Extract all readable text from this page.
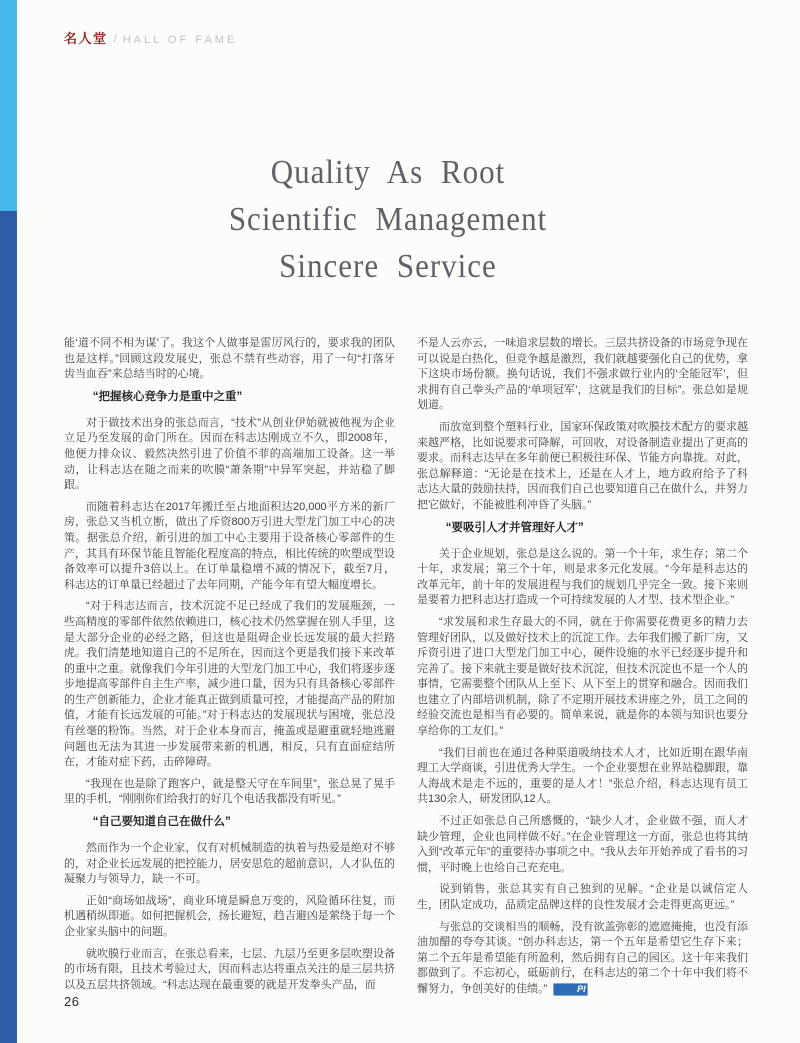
名人堂 / HALL OF FAME
Quality As Root
Scientific Management
Sincere Service

能‘道不同不相为谋’了。我这个人做事是雷厉风行的，要求我的团队也是这样。”回顾这段发展史，张总不禁有些动容，用了一句“打落牙齿当血吞”来总结当时的心境。

“把握核心竞争力是重中之重”

对于做技术出身的张总而言，“技术”从创业伊始就被他视为企业立足乃至发展的命门所在。因而在科志达刚成立不久，即2008年，他便力排众议、毅然决然引进了价值不菲的高端加工设备。这一举动，让科志达在随之而来的吹膜“萧条期”中异军突起，并站稳了脚跟。

而随着科志达在2017年搬迁至占地面积达20,000平方米的新厂房，张总又当机立断，做出了斥资800万引进大型龙门加工中心的决策。据张总介绍，新引进的加工中心主要用于设备核心零部件的生产，其具有环保节能且智能化程度高的特点，相比传统的吹塑成型设备效率可以提升3倍以上。在订单量稳增不减的情况下，截至7月，科志达的订单量已经超过了去年同期，产能今年有望大幅度增长。

“对于科志达而言，技术沉淀不足已经成了我们的发展瓶颈，一些高精度的零部件依然依赖进口，核心技术仍然掌握在别人手里，这是大部分企业的必经之路，但这也是阻碍企业长远发展的最大拦路虎。我们清楚地知道自己的不足所在，因而这个更是我们接下来改革的重中之重。就像我们今年引进的大型龙门加工中心，我们将逐步逐步地提高零部件自主生产率，减少进口量，因为只有具备核心零部件的生产创新能力，企业才能真正做到质量可控，才能提高产品的附加值，才能有长远发展的可能。”对于科志达的发展现状与困境，张总没有丝毫的粉饰。当然，对于企业本身而言，掩盖或是避重就轻地逃避问题也无法为其进一步发展带来新的机遇，相反，只有直面症结所在，才能对症下药，击碎障碍。

“我现在也是除了跑客户，就是整天守在车间里”，张总晃了晃手里的手机，“刚刚你们给我打的好几个电话我都没有听见。”

“自己要知道自己在做什么”

然而作为一个企业家，仅有对机械制造的执着与热爱是绝对不够的，对企业长远发展的把控能力，居安思危的超前意识，人才队伍的凝聚力与领导力，缺一不可。

正如“商场如战场”，商业环境是瞬息万变的，风险循环往复，而机遇稍纵即逝。如何把握机会，扬长避短，趋吉避凶是萦绕于每一个企业家头脑中的问题。

就吹膜行业而言，在张总看来，七层、九层乃至更多层吹塑设备的市场有限，且技术考验过大，因而科志达将重点关注的是三层共挤以及五层共挤领域。“科志达现在最重要的就是开发拳头产品，而

不是人云亦云，一味追求层数的增长。三层共挤设备的市场竞争现在可以说是白热化，但竞争越是激烈，我们就越要强化自己的优势，拿下这块市场份额。换句话说，我们不强求做行业内的‘全能冠军’，但求拥有自己拳头产品的‘单项冠军’，这就是我们的目标”。张总如是规划道。

而放宽到整个塑料行业，国家环保政策对吹膜技术配方的要求越来越严格，比如说要求可降解，可回收，对设备制造业提出了更高的要求。而科志达早在多年前便已积极往环保、节能方向靠拢。对此，张总解释道：“无论是在技术上，还是在人才上，地方政府给予了科志达大量的鼓励扶持，因而我们自己也要知道自己在做什么，并努力把它做好，不能被胜利冲昏了头脑。”

“要吸引人才并管理好人才”

关于企业规划，张总是这么说的。第一个十年，求生存；第二个十年，求发展；第三个十年，则是求多元化发展。“今年是科志达的改革元年，前十年的发展进程与我们的规划几乎完全一致。接下来则是要着力把科志达打造成一个可持续发展的人才型、技术型企业。”

“求发展和求生存最大的不同，就在于你需要花费更多的精力去管理好团队，以及做好技术上的沉淀工作。去年我们搬了新厂房，又斥资引进了进口大型龙门加工中心，硬件设施的水平已经逐步提升和完善了。接下来就主要是做好技术沉淀，但技术沉淀也不是一个人的事情，它需要整个团队从上至下、从下至上的贯穿和融合。因而我们也建立了内部培训机制，除了不定期开展技术讲座之外，员工之间的经验交流也是相当有必要的。简单来说，就是你的本领与知识也要分享给你的工友们。”

“我们目前也在通过各种渠道吸纳技术人才，比如近期在跟华南理工大学商谈，引进优秀大学生。一个企业要想在业界站稳脚跟，靠人海战术是走不远的，重要的是人才！”张总介绍，科志达现有员工共130余人，研发团队12人。

不过正如张总自己所感慨的，“缺少人才，企业做不强，而人才缺少管理，企业也同样做不好。”在企业管理这一方面，张总也将其纳入到“改革元年”的重要待办事项之中。“我从去年开始养成了看书的习惯，平时晚上也给自己充充电。

说到销售，张总其实有自己独到的见解。“企业是以诚信定人生，团队定成功，品质定品牌这样的良性发展才会走得更高更远。”

与张总的交谈相当的顺畅，没有欲盖弥彰的遮遮掩掩，也没有添油加醋的夸夸其谈。“创办科志达，第一个五年是希望它生存下来；第二个五年是希望能有所盈利，然后拥有自己的园区。这十年来我们都做到了。不忘初心，砥砺前行，在科志达的第二个十年中我们将不懈努力，争创美好的佳绩。”	PI

26
